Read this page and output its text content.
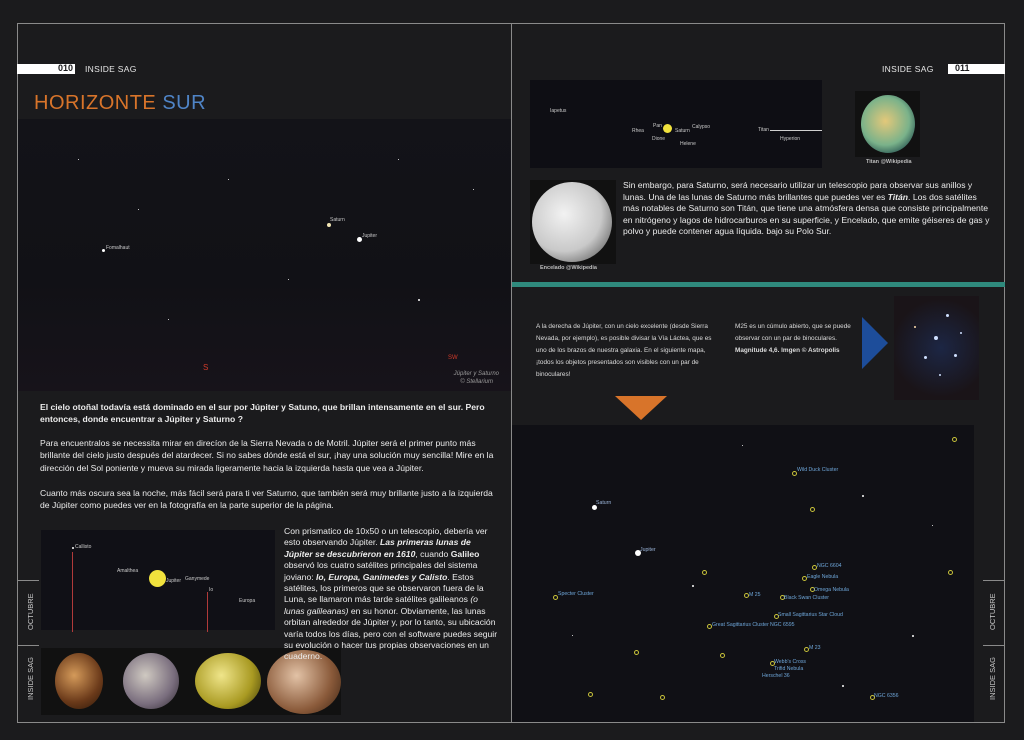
010 INSIDE SAG	INSIDE SAG 011
HORIZONTE SUR
Fomalhaut
Saturn
Jupiter
S
SW
Júpiter y Saturno
© Stellarium
El cielo otoñal todavía está dominado en el sur por Júpiter y Satuno, que brillan intensamente en el sur. Pero entonces, donde encuentrar a Júpiter y Saturno ?
Para encuentralos se necessita mirar en direcíon de la Sierra Nevada o de Motril. Júpiter será el primer punto más brillante del cielo justo después del atardecer. Si no sabes dónde está el sur, ¡hay una solución muy sencilla! Mire en la dirección del Sol poniente y mueva su mirada ligeramente hacia la izquierda hasta que vea a Júpiter.
Cuanto más oscura sea la noche, más fácil será para ti ver Saturno, que también será muy brillante justo a la izquierda de Júpiter como puedes ver en la fotografía en la parte superior de la página.
Callisto
Amalthea
Jupiter Ganymede
Io
Europa
Con prismatico de 10x50 o un telescopio, debería ver esto observando Júpiter. Las primeras lunas de Júpiter se descubrieron en 1610, cuando Galileo observó los cuatro satélites principales del sistema joviano: Io, Europa, Ganimedes y Calisto. Estos satélites, los primeros que se observaron fuera de la Luna, se llamaron más tarde satélites galileanos (o lunas galileanas) en su honor. Obviamente, las lunas orbitan alrededor de Júpiter y, por lo tanto, su ubicación varía todos los días, pero con el software puedes seguir su evolución o hacer tus propias observaciones en un cuaderno.
OCTUBRE
INSIDE SAG
Iapetus
Rhea
Dione
Pan
Saturn
Calypso
Helene
Titan
Hyperion
Titan @Wikipedia
Encelado @Wikipedia
Sin embargo, para Saturno, será necesario utilizar un telescopio para observar sus anillos y lunas. Una de las lunas de Saturno más brillantes que puedes ver es Titán. Los dos satélites más notables de Saturno son Titán, que tiene una atmósfera densa que consiste principalmente en nitrógeno y lagos de hidrocarburos en su superficie, y Encelado, que emite géiseres de gas y polvo y puede contener agua líquida. bajo su Polo Sur.
A la derecha de Júpiter, con un cielo excelente (desde Sierra Nevada, por ejemplo), es posible divisar la Vía Láctea, que es uno de los brazos de nuestra galaxia. En el siguiente mapa, ¡todos los objetos presentados son visibles con un par de binoculares!
M25 es un cúmulo abierto, que se puede observar con un par de binoculares. Magnitude 4,6. Imgen © Astropolis
Saturn
Jupiter
Wild Duck Cluster
NGC 6604
Eagle Nebula
Omega Nebula
M 25	Black Swan Cluster
Specter Cluster
Small Sagittarius Star Cloud
Great Sagittarius Cluster NGC 6595
M 23
Webb's Cross
Trifid Nebula
Herschel 36
NGC 6356
OCTUBRE
INSIDE SAG
